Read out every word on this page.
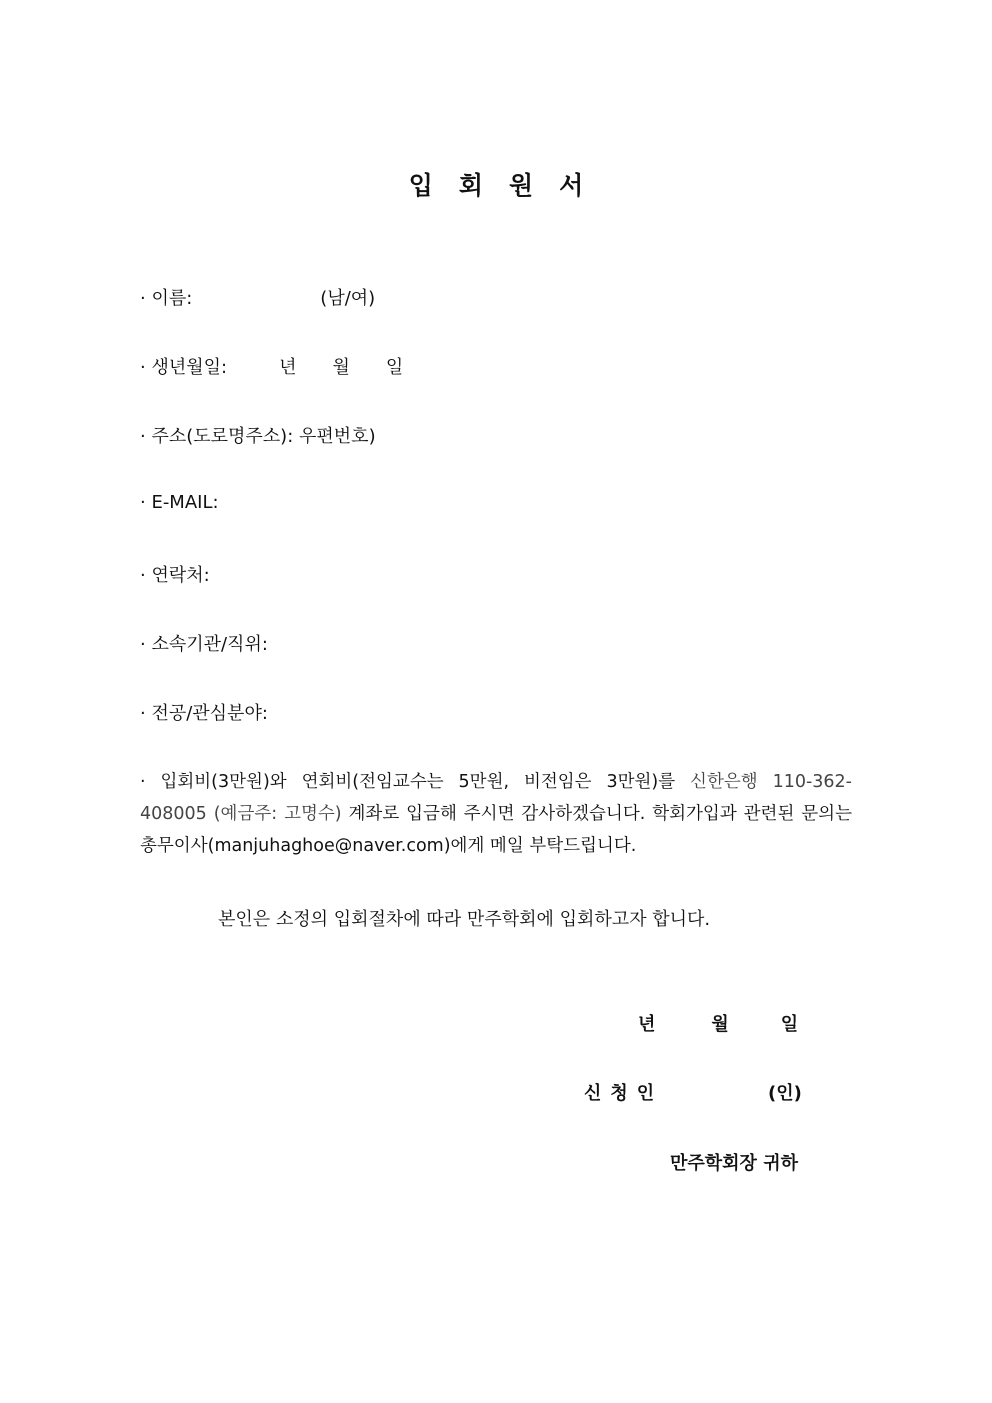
입회원서
· 이름:	(남/여)
· 생년월일:	년 월 일
· 주소(도로명주소): 우편번호)
· E-MAIL:
· 연락처:
· 소속기관/직위:
· 전공/관심분야:
· 입회비(3만원)와 연회비(전임교수는 5만원, 비전임은 3만원)를 신한은행 110-362-408005 (예금주: 고명수) 계좌로 입금해 주시면 감사하겠습니다. 학회가입과 관련된 문의는 총무이사(manjuhaghoe@naver.com)에게 메일 부탁드립니다.
본인은 소정의 입회절차에 따라 만주학회에 입회하고자 합니다.
년	월	일
신청인	(인)
만주학회장 귀하
